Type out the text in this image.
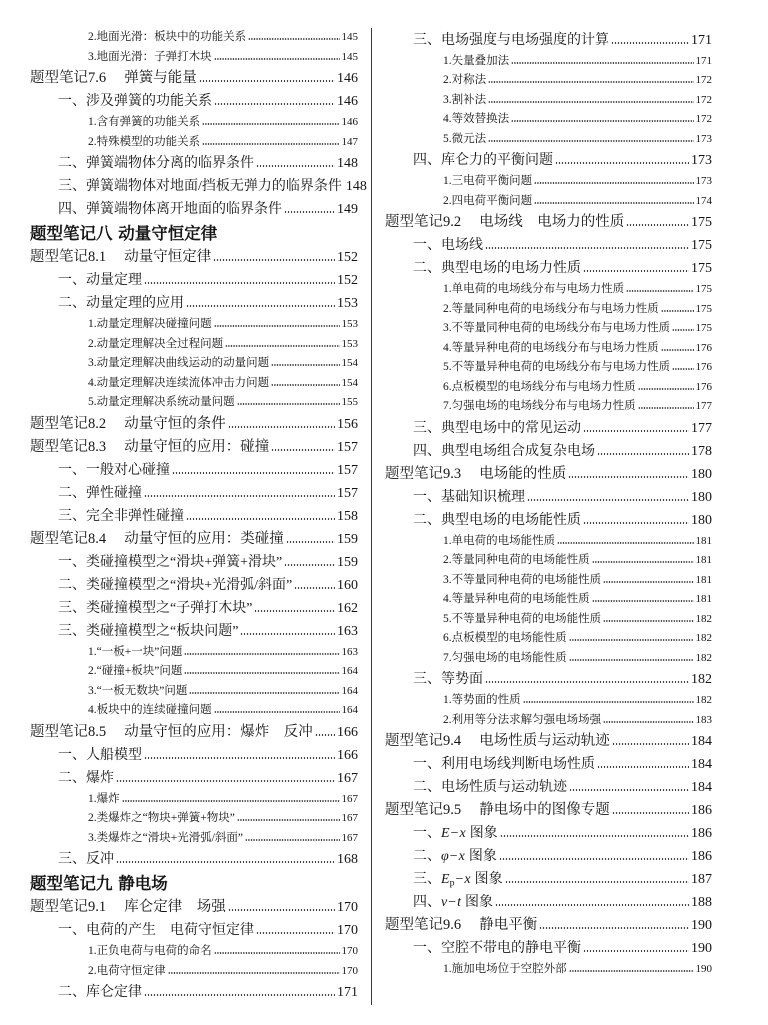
2.地面光滑：板块中的功能关系	145
3.地面光滑：子弹打木块	145
题型笔记7.6　 弹簧与能量	146
一、涉及弹簧的功能关系	146
1.含有弹簧的功能关系	146
2.特殊模型的功能关系	147
二、弹簧端物体分离的临界条件	148
三、弹簧端物体对地面/挡板无弹力的临界条件 148
四、弹簧端物体离开地面的临界条件	149
题型笔记八 动量守恒定律
题型笔记8.1　 动量守恒定律	152
一、动量定理	152
二、动量定理的应用	153
1.动量定理解决碰撞问题	153
2.动量定理解决全过程问题	153
3.动量定理解决曲线运动的动量问题	154
4.动量定理解决连续流体冲击力问题	154
5.动量定理解决系统动量问题	155
题型笔记8.2　 动量守恒的条件	156
题型笔记8.3　 动量守恒的应用：碰撞	157
一、一般对心碰撞	157
二、弹性碰撞	157
三、完全非弹性碰撞	158
题型笔记8.4　 动量守恒的应用：类碰撞	159
一、类碰撞模型之“滑块+弹簧+滑块”	159
二、类碰撞模型之“滑块+光滑弧/斜面”	160
三、类碰撞模型之“子弹打木块”	162
三、类碰撞模型之“板块问题”	163
1.“一板+一块”问题	163
2.“碰撞+板块”问题	164
3.“一板无数块”问题	164
4.板块中的连续碰撞问题	164
题型笔记8.5　 动量守恒的应用：爆炸　反冲 166
一、人船模型	166
二、爆炸	167
1.爆炸	167
2.类爆炸之“物块+弹簧+物块”	167
3.类爆炸之“滑块+光滑弧/斜面”	167
三、反冲	168
题型笔记九 静电场
题型笔记9.1　 库仑定律　场强	170
一、电荷的产生　电荷守恒定律	170
1.正负电荷与电荷的命名	170
2.电荷守恒定律	170
二、库仑定律	171
三、电场强度与电场强度的计算	171
1.矢量叠加法	171
2.对称法	172
3.割补法	172
4.等效替换法	172
5.微元法	173
四、库仑力的平衡问题	173
1.三电荷平衡问题	173
2.四电荷平衡问题	174
题型笔记9.2　 电场线　电场力的性质	175
一、电场线	175
二、典型电场的电场力性质	175
1.单电荷的电场线分布与电场力性质	175
2.等量同种电荷的电场线分布与电场力性质	175
3.不等量同种电荷的电场线分布与电场力性质 175
4.等量异种电荷的电场线分布与电场力性质	176
5.不等量异种电荷的电场线分布与电场力性质 176
6.点板模型的电场线分布与电场力性质	176
7.匀强电场的电场线分布与电场力性质	177
三、典型电场中的常见运动	177
四、典型电场组合成复杂电场	178
题型笔记9.3　 电场能的性质	180
一、基础知识梳理	180
二、典型电场的电场能性质	180
1.单电荷的电场能性质	181
2.等量同种电荷的电场能性质	181
3.不等量同种电荷的电场能性质	181
4.等量异种电荷的电场能性质	181
5.不等量异种电荷的电场能性质	182
6.点板模型的电场能性质	182
7.匀强电场的电场能性质	182
三、等势面	182
1.等势面的性质	182
2.利用等分法求解匀强电场场强	183
题型笔记9.4　 电场性质与运动轨迹	184
一、利用电场线判断电场性质	184
二、电场性质与运动轨迹	184
题型笔记9.5　 静电场中的图像专题	186
一、E−x 图象	186
二、φ−x 图象	186
三、$E_p-x$ 图象	187
四、v−t 图象	188
题型笔记9.6　 静电平衡	190
一、空腔不带电的静电平衡	190
1.施加电场位于空腔外部	190
